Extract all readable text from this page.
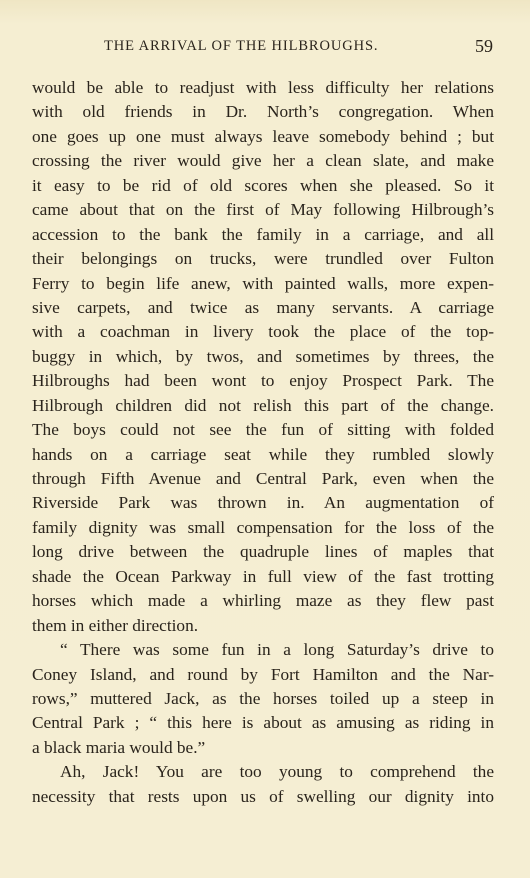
THE ARRIVAL OF THE HILBROUGHS.	59
would be able to readjust with less difficulty her relations
with old friends in Dr. North’s congregation. When
one goes up one must always leave somebody behind ; but
crossing the river would give her a clean slate, and make
it easy to be rid of old scores when she pleased. So it
came about that on the first of May following Hilbrough’s
accession to the bank the family in a carriage, and all
their belongings on trucks, were trundled over Fulton
Ferry to begin life anew, with painted walls, more expen-
sive carpets, and twice as many servants. A carriage
with a coachman in livery took the place of the top-
buggy in which, by twos, and sometimes by threes, the
Hilbroughs had been wont to enjoy Prospect Park. The
Hilbrough children did not relish this part of the change.
The boys could not see the fun of sitting with folded
hands on a carriage seat while they rumbled slowly
through Fifth Avenue and Central Park, even when the
Riverside Park was thrown in. An augmentation of
family dignity was small compensation for the loss of the
long drive between the quadruple lines of maples that
shade the Ocean Parkway in full view of the fast trotting
horses which made a whirling maze as they flew past
them in either direction.
“ There was some fun in a long Saturday’s drive to
Coney Island, and round by Fort Hamilton and the Nar-
rows,” muttered Jack, as the horses toiled up a steep in
Central Park ; “ this here is about as amusing as riding in
a black maria would be.”
Ah, Jack! You are too young to comprehend the
necessity that rests upon us of swelling our dignity into
